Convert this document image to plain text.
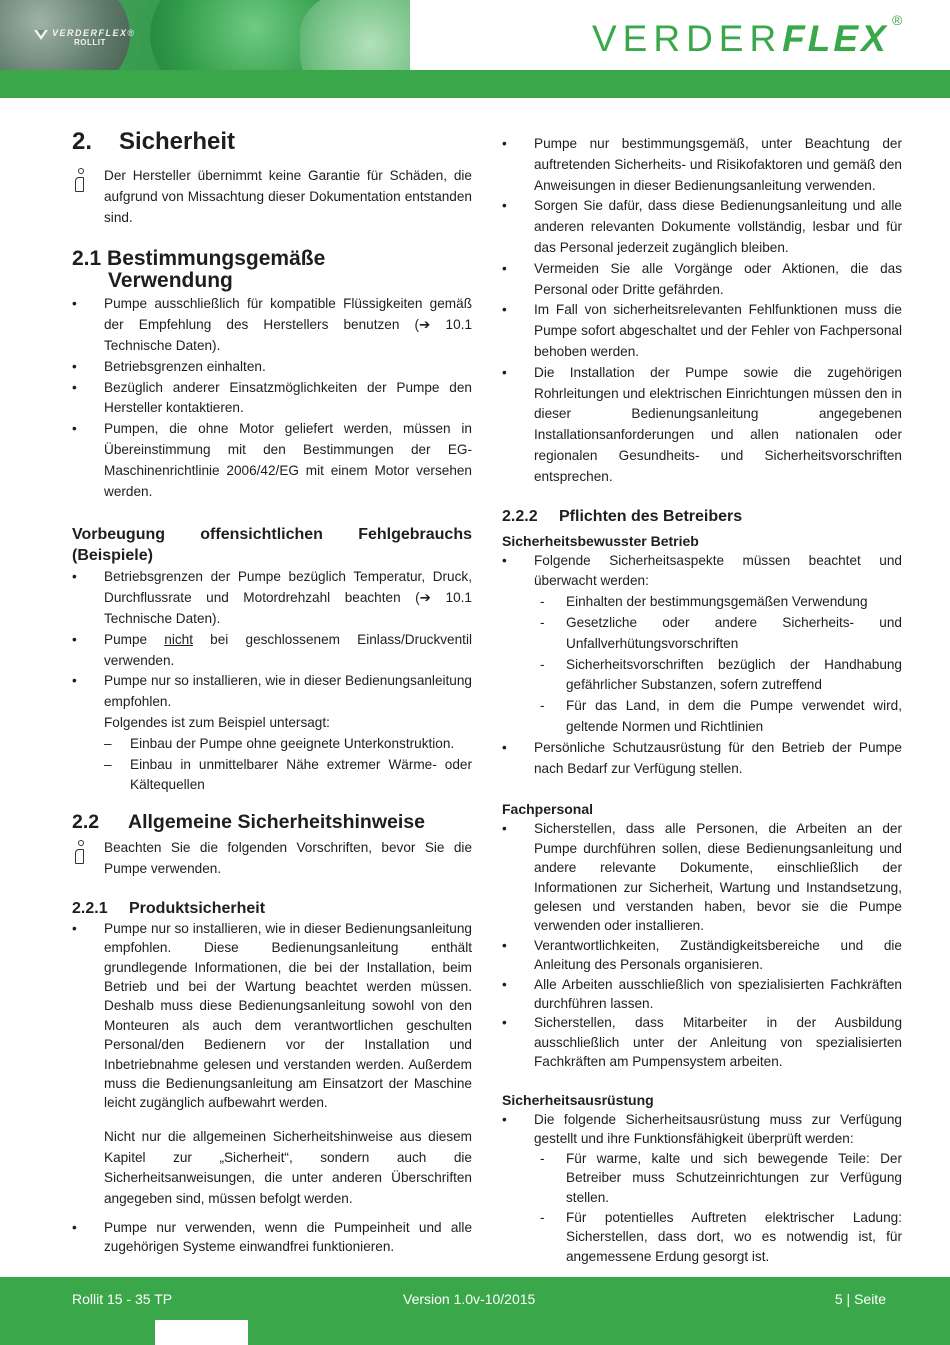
VERDERFLEX®
ROLLIT	VERDERFLEX ®
2. Sicherheit
Der Hersteller übernimmt keine Garantie für Schäden, die aufgrund von Missachtung dieser Dokumentation entstanden sind.
2.1 Bestimmungsgemäße
Verwendung
• Pumpe ausschließlich für kompatible Flüssigkeiten gemäß der Empfehlung des Herstellers benutzen (➔ 10.1 Technische Daten).
• Betriebsgrenzen einhalten.
• Bezüglich anderer Einsatzmöglichkeiten der Pumpe den Hersteller kontaktieren.
• Pumpen, die ohne Motor geliefert werden, müssen in Übereinstimmung mit den Bestimmungen der EG-Maschinenrichtlinie 2006/42/EG mit einem Motor versehen werden.
Vorbeugung offensichtlichen Fehlgebrauchs
(Beispiele)
• Betriebsgrenzen der Pumpe bezüglich Temperatur, Druck, Durchflussrate und Motordrehzahl beachten (➔ 10.1 Technische Daten).
• Pumpe nicht bei geschlossenem Einlass/Druckventil verwenden.
• Pumpe nur so installieren, wie in dieser Bedienungsanleitung empfohlen.
Folgendes ist zum Beispiel untersagt:
– Einbau der Pumpe ohne geeignete Unterkonstruktion.
– Einbau in unmittelbarer Nähe extremer Wärme- oder Kältequellen
2.2 Allgemeine Sicherheitshinweise
Beachten Sie die folgenden Vorschriften, bevor Sie die Pumpe verwenden.
2.2.1 Produktsicherheit

• Pumpe nur so installieren, wie in dieser Bedienungsanleitung empfohlen. Diese Bedienungsanleitung enthält grundlegende Informationen, die bei der Installation, beim Betrieb und bei der Wartung beachtet werden müssen. Deshalb muss diese Bedienungsanleitung sowohl von den Monteuren als auch dem verantwortlichen geschulten Personal/den Bedienern vor der Installation und Inbetriebnahme gelesen und verstanden werden. Außerdem muss die Bedienungsanleitung am Einsatzort der Maschine leicht zugänglich aufbewahrt werden.

Nicht nur die allgemeinen Sicherheitshinweise aus diesem Kapitel zur „Sicherheit“, sondern auch die Sicherheitsanweisungen, die unter anderen Überschriften angegeben sind, müssen befolgt werden.

• Pumpe nur verwenden, wenn die Pumpeinheit und alle zugehörigen Systeme einwandfrei funktionieren.
• Pumpe nur bestimmungsgemäß, unter Beachtung der auftretenden Sicherheits- und Risikofaktoren und gemäß den Anweisungen in dieser Bedienungsanleitung verwenden.
• Sorgen Sie dafür, dass diese Bedienungsanleitung und alle anderen relevanten Dokumente vollständig, lesbar und für das Personal jederzeit zugänglich bleiben.
• Vermeiden Sie alle Vorgänge oder Aktionen, die das Personal oder Dritte gefährden.
• Im Fall von sicherheitsrelevanten Fehlfunktionen muss die Pumpe sofort abgeschaltet und der Fehler von Fachpersonal behoben werden.
• Die Installation der Pumpe sowie die zugehörigen Rohrleitungen und elektrischen Einrichtungen müssen den in dieser Bedienungsanleitung angegebenen Installationsanforderungen und allen nationalen oder regionalen Gesundheits- und Sicherheitsvorschriften entsprechen.
2.2.2 Pflichten des Betreibers
Sicherheitsbewusster Betrieb
• Folgende Sicherheitsaspekte müssen beachtet und überwacht werden:
- Einhalten der bestimmungsgemäßen Verwendung
- Gesetzliche oder andere Sicherheits- und Unfallverhütungsvorschriften
- Sicherheitsvorschriften bezüglich der Handhabung gefährlicher Substanzen, sofern zutreffend
- Für das Land, in dem die Pumpe verwendet wird, geltende Normen und Richtlinien
• Persönliche Schutzausrüstung für den Betrieb der Pumpe nach Bedarf zur Verfügung stellen.
Fachpersonal
• Sicherstellen, dass alle Personen, die Arbeiten an der Pumpe durchführen sollen, diese Bedienungsanleitung und andere relevante Dokumente, einschließlich der Informationen zur Sicherheit, Wartung und Instandsetzung, gelesen und verstanden haben, bevor sie die Pumpe verwenden oder installieren.
• Verantwortlichkeiten, Zuständigkeitsbereiche und die Anleitung des Personals organisieren.
• Alle Arbeiten ausschließlich von spezialisierten Fachkräften durchführen lassen.
• Sicherstellen, dass Mitarbeiter in der Ausbildung ausschließlich unter der Anleitung von spezialisierten Fachkräften am Pumpensystem arbeiten.
Sicherheitsausrüstung
• Die folgende Sicherheitsausrüstung muss zur Verfügung gestellt und ihre Funktionsfähigkeit überprüft werden:
- Für warme, kalte und sich bewegende Teile: Der Betreiber muss Schutzeinrichtungen zur Verfügung stellen.
- Für potentielles Auftreten elektrischer Ladung: Sicherstellen, dass dort, wo es notwendig ist, für angemessene Erdung gesorgt ist.
Rollit 15 - 35 TP	Version 1.0v-10/2015	5 | Seite
